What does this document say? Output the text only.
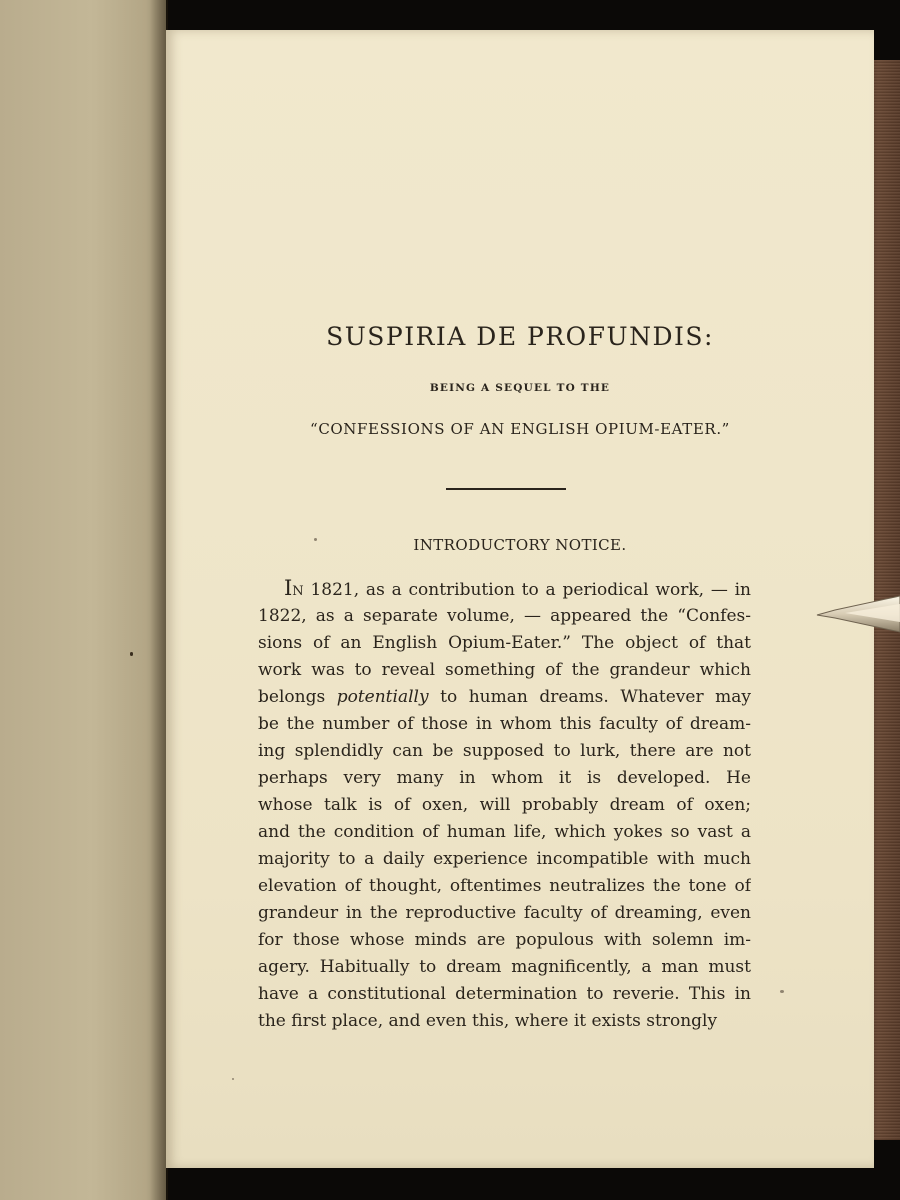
SUSPIRIA DE PROFUNDIS:
BEING A SEQUEL TO THE
“CONFESSIONS OF AN ENGLISH OPIUM-EATER.”
INTRODUCTORY NOTICE.
IN 1821, as a contribution to a periodical work, — in
1822, as a separate volume, — appeared the “Confes-
sions of an English Opium-Eater.” The object of that
work was to reveal something of the grandeur which
belongs potentially to human dreams. Whatever may
be the number of those in whom this faculty of dream-
ing splendidly can be supposed to lurk, there are not
perhaps very many in whom it is developed. He
whose talk is of oxen, will probably dream of oxen;
and the condition of human life, which yokes so vast a
majority to a daily experience incompatible with much
elevation of thought, oftentimes neutralizes the tone of
grandeur in the reproductive faculty of dreaming, even
for those whose minds are populous with solemn im-
agery. Habitually to dream magnificently, a man must
have a constitutional determination to reverie. This in
the first place, and even this, where it exists strongly
